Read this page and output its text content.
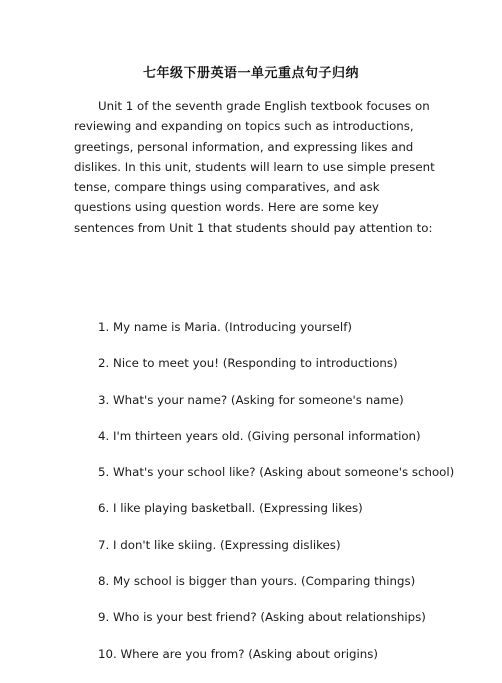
七年级下册英语一单元重点句子归纳

Unit 1 of the seventh grade English textbook focuses on reviewing and expanding on topics such as introductions, greetings, personal information, and expressing likes and dislikes. In this unit, students will learn to use simple present tense, compare things using comparatives, and ask questions using question words. Here are some key sentences from Unit 1 that students should pay attention to:

1. My name is Maria. (Introducing yourself)
2. Nice to meet you! (Responding to introductions)
3. What's your name? (Asking for someone's name)
4. I'm thirteen years old. (Giving personal information)
5. What's your school like? (Asking about someone's school)
6. I like playing basketball. (Expressing likes)
7. I don't like skiing. (Expressing dislikes)
8. My school is bigger than yours. (Comparing things)
9. Who is your best friend? (Asking about relationships)
10. Where are you from? (Asking about origins)
